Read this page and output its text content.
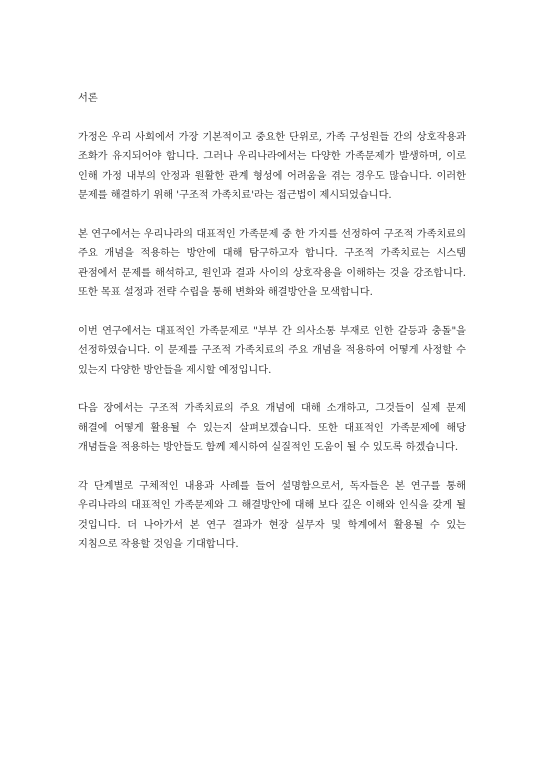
서론

가정은 우리 사회에서 가장 기본적이고 중요한 단위로, 가족 구성원들 간의 상호작용과 조화가 유지되어야 합니다. 그러나 우리나라에서는 다양한 가족문제가 발생하며, 이로 인해 가정 내부의 안정과 원활한 관계 형성에 어려움을 겪는 경우도 많습니다. 이러한 문제를 해결하기 위해 '구조적 가족치료'라는 접근법이 제시되었습니다.

본 연구에서는 우리나라의 대표적인 가족문제 중 한 가지를 선정하여 구조적 가족치료의 주요 개념을 적용하는 방안에 대해 탐구하고자 합니다. 구조적 가족치료는 시스템 관점에서 문제를 해석하고, 원인과 결과 사이의 상호작용을 이해하는 것을 강조합니다. 또한 목표 설정과 전략 수립을 통해 변화와 해결방안을 모색합니다.

이번 연구에서는 대표적인 가족문제로 "부부 간 의사소통 부재로 인한 갈등과 충돌"을 선정하였습니다. 이 문제를 구조적 가족치료의 주요 개념을 적용하여 어떻게 사정할 수 있는지 다양한 방안들을 제시할 예정입니다.

다음 장에서는 구조적 가족치료의 주요 개념에 대해 소개하고, 그것들이 실제 문제 해결에 어떻게 활용될 수 있는지 살펴보겠습니다. 또한 대표적인 가족문제에 해당 개념들을 적용하는 방안들도 함께 제시하여 실질적인 도움이 될 수 있도록 하겠습니다.

각 단계별로 구체적인 내용과 사례를 들어 설명함으로서, 독자들은 본 연구를 통해 우리나라의 대표적인 가족문제와 그 해결방안에 대해 보다 깊은 이해와 인식을 갖게 될 것입니다. 더 나아가서 본 연구 결과가 현장 실무자 및 학계에서 활용될 수 있는 지침으로 작용할 것임을 기대합니다.
